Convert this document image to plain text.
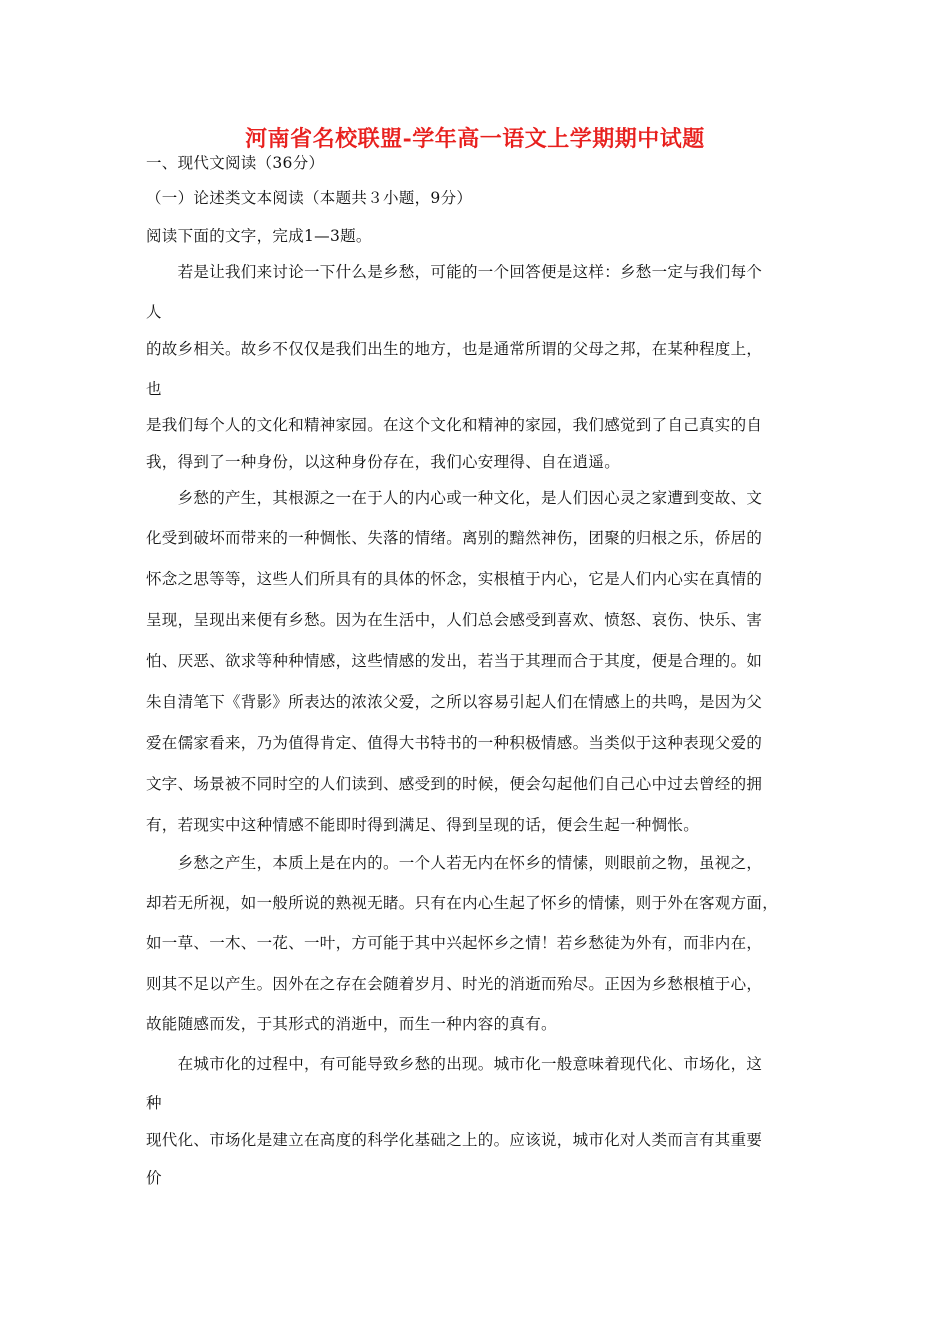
河南省名校联盟-学年高一语文上学期期中试题
一、现代文阅读（36分）
（一）论述类文本阅读（本题共３小题，9分）
阅读下面的文字，完成1—3题。
　　若是让我们来讨论一下什么是乡愁，可能的一个回答便是这样：乡愁一定与我们每个
人
的故乡相关。故乡不仅仅是我们出生的地方，也是通常所谓的父母之邦，在某种程度上，
也
是我们每个人的文化和精神家园。在这个文化和精神的家园，我们感觉到了自己真实的自
我，得到了一种身份，以这种身份存在，我们心安理得、自在逍遥。
　　乡愁的产生，其根源之一在于人的内心或一种文化，是人们因心灵之家遭到变故、文
化受到破坏而带来的一种惆怅、失落的情绪。离别的黯然神伤，团聚的归根之乐，侨居的
怀念之思等等，这些人们所具有的具体的怀念，实根植于内心，它是人们内心实在真情的
呈现，呈现出来便有乡愁。因为在生活中，人们总会感受到喜欢、愤怒、哀伤、快乐、害
怕、厌恶、欲求等种种情感，这些情感的发出，若当于其理而合于其度，便是合理的。如
朱自清笔下《背影》所表达的浓浓父爱，之所以容易引起人们在情感上的共鸣，是因为父
爱在儒家看来，乃为值得肯定、值得大书特书的一种积极情感。当类似于这种表现父爱的
文字、场景被不同时空的人们读到、感受到的时候，便会勾起他们自己心中过去曾经的拥
有，若现实中这种情感不能即时得到满足、得到呈现的话，便会生起一种惆怅。
　　乡愁之产生，本质上是在内的。一个人若无内在怀乡的情愫，则眼前之物，虽视之，
却若无所视，如一般所说的熟视无睹。只有在内心生起了怀乡的情愫，则于外在客观方面，
如一草、一木、一花、一叶，方可能于其中兴起怀乡之情！若乡愁徒为外有，而非内在，
则其不足以产生。因外在之存在会随着岁月、时光的消逝而殆尽。正因为乡愁根植于心，
故能随感而发，于其形式的消逝中，而生一种内容的真有。
　　在城市化的过程中，有可能导致乡愁的出现。城市化一般意味着现代化、市场化，这
种
现代化、市场化是建立在高度的科学化基础之上的。应该说，城市化对人类而言有其重要
价
